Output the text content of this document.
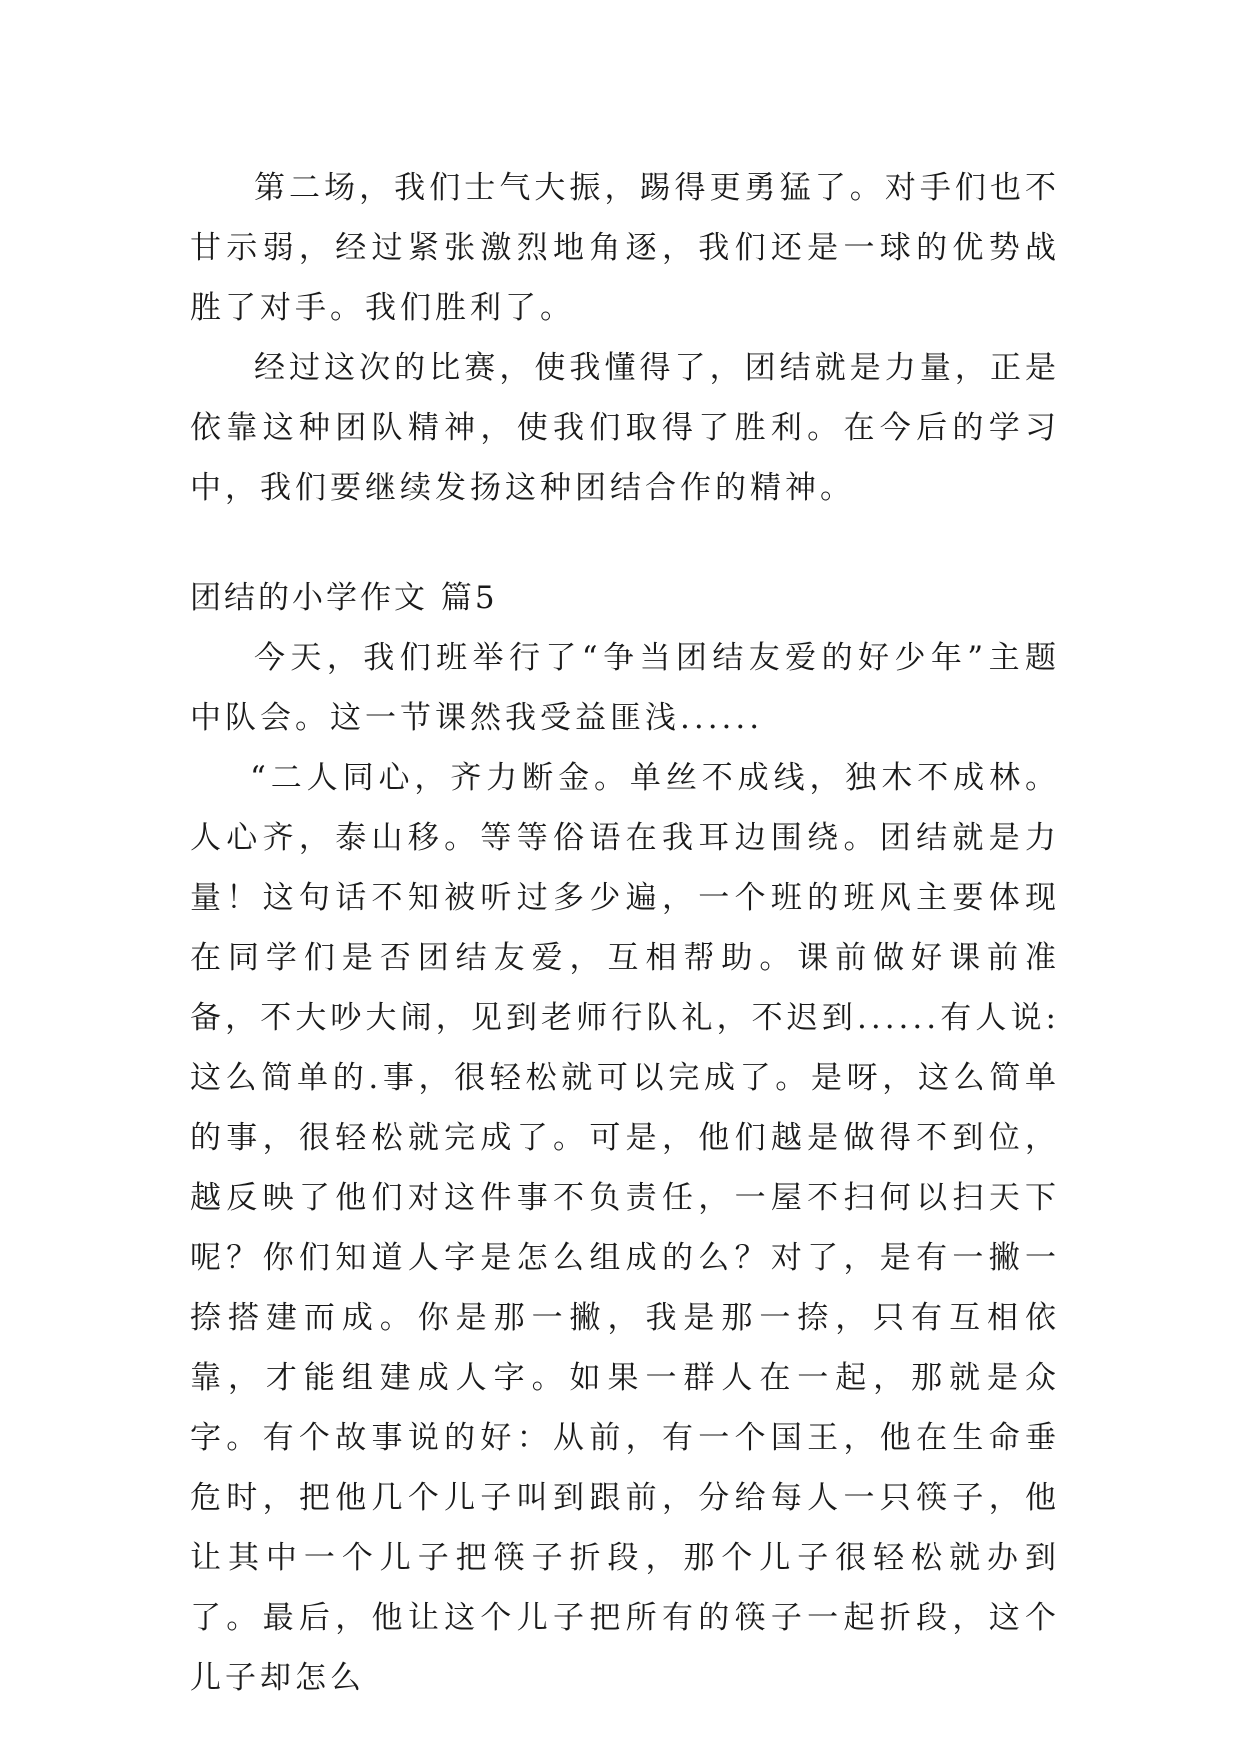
第二场，我们士气大振，踢得更勇猛了。对手们也不甘示弱，经过紧张激烈地角逐，我们还是一球的优势战胜了对手。我们胜利了。

经过这次的比赛，使我懂得了，团结就是力量，正是依靠这种团队精神，使我们取得了胜利。在今后的学习中，我们要继续发扬这种团结合作的精神。

团结的小学作文 篇5

今天，我们班举行了“争当团结友爱的好少年”主题中队会。这一节课然我受益匪浅......

“二人同心，齐力断金。单丝不成线，独木不成林。人心齐，泰山移。等等俗语在我耳边围绕。团结就是力量！这句话不知被听过多少遍，一个班的班风主要体现在同学们是否团结友爱，互相帮助。课前做好课前准备，不大吵大闹，见到老师行队礼，不迟到......有人说:这么简单的.事，很轻松就可以完成了。是呀，这么简单的事，很轻松就完成了。可是，他们越是做得不到位，越反映了他们对这件事不负责任，一屋不扫何以扫天下呢？你们知道人字是怎么组成的么？对了，是有一撇一捺搭建而成。你是那一撇，我是那一捺，只有互相依靠，才能组建成人字。如果一群人在一起，那就是众字。有个故事说的好：从前，有一个国王，他在生命垂危时，把他几个儿子叫到跟前，分给每人一只筷子，他让其中一个儿子把筷子折段，那个儿子很轻松就办到了。最后，他让这个儿子把所有的筷子一起折段，这个儿子却怎么
